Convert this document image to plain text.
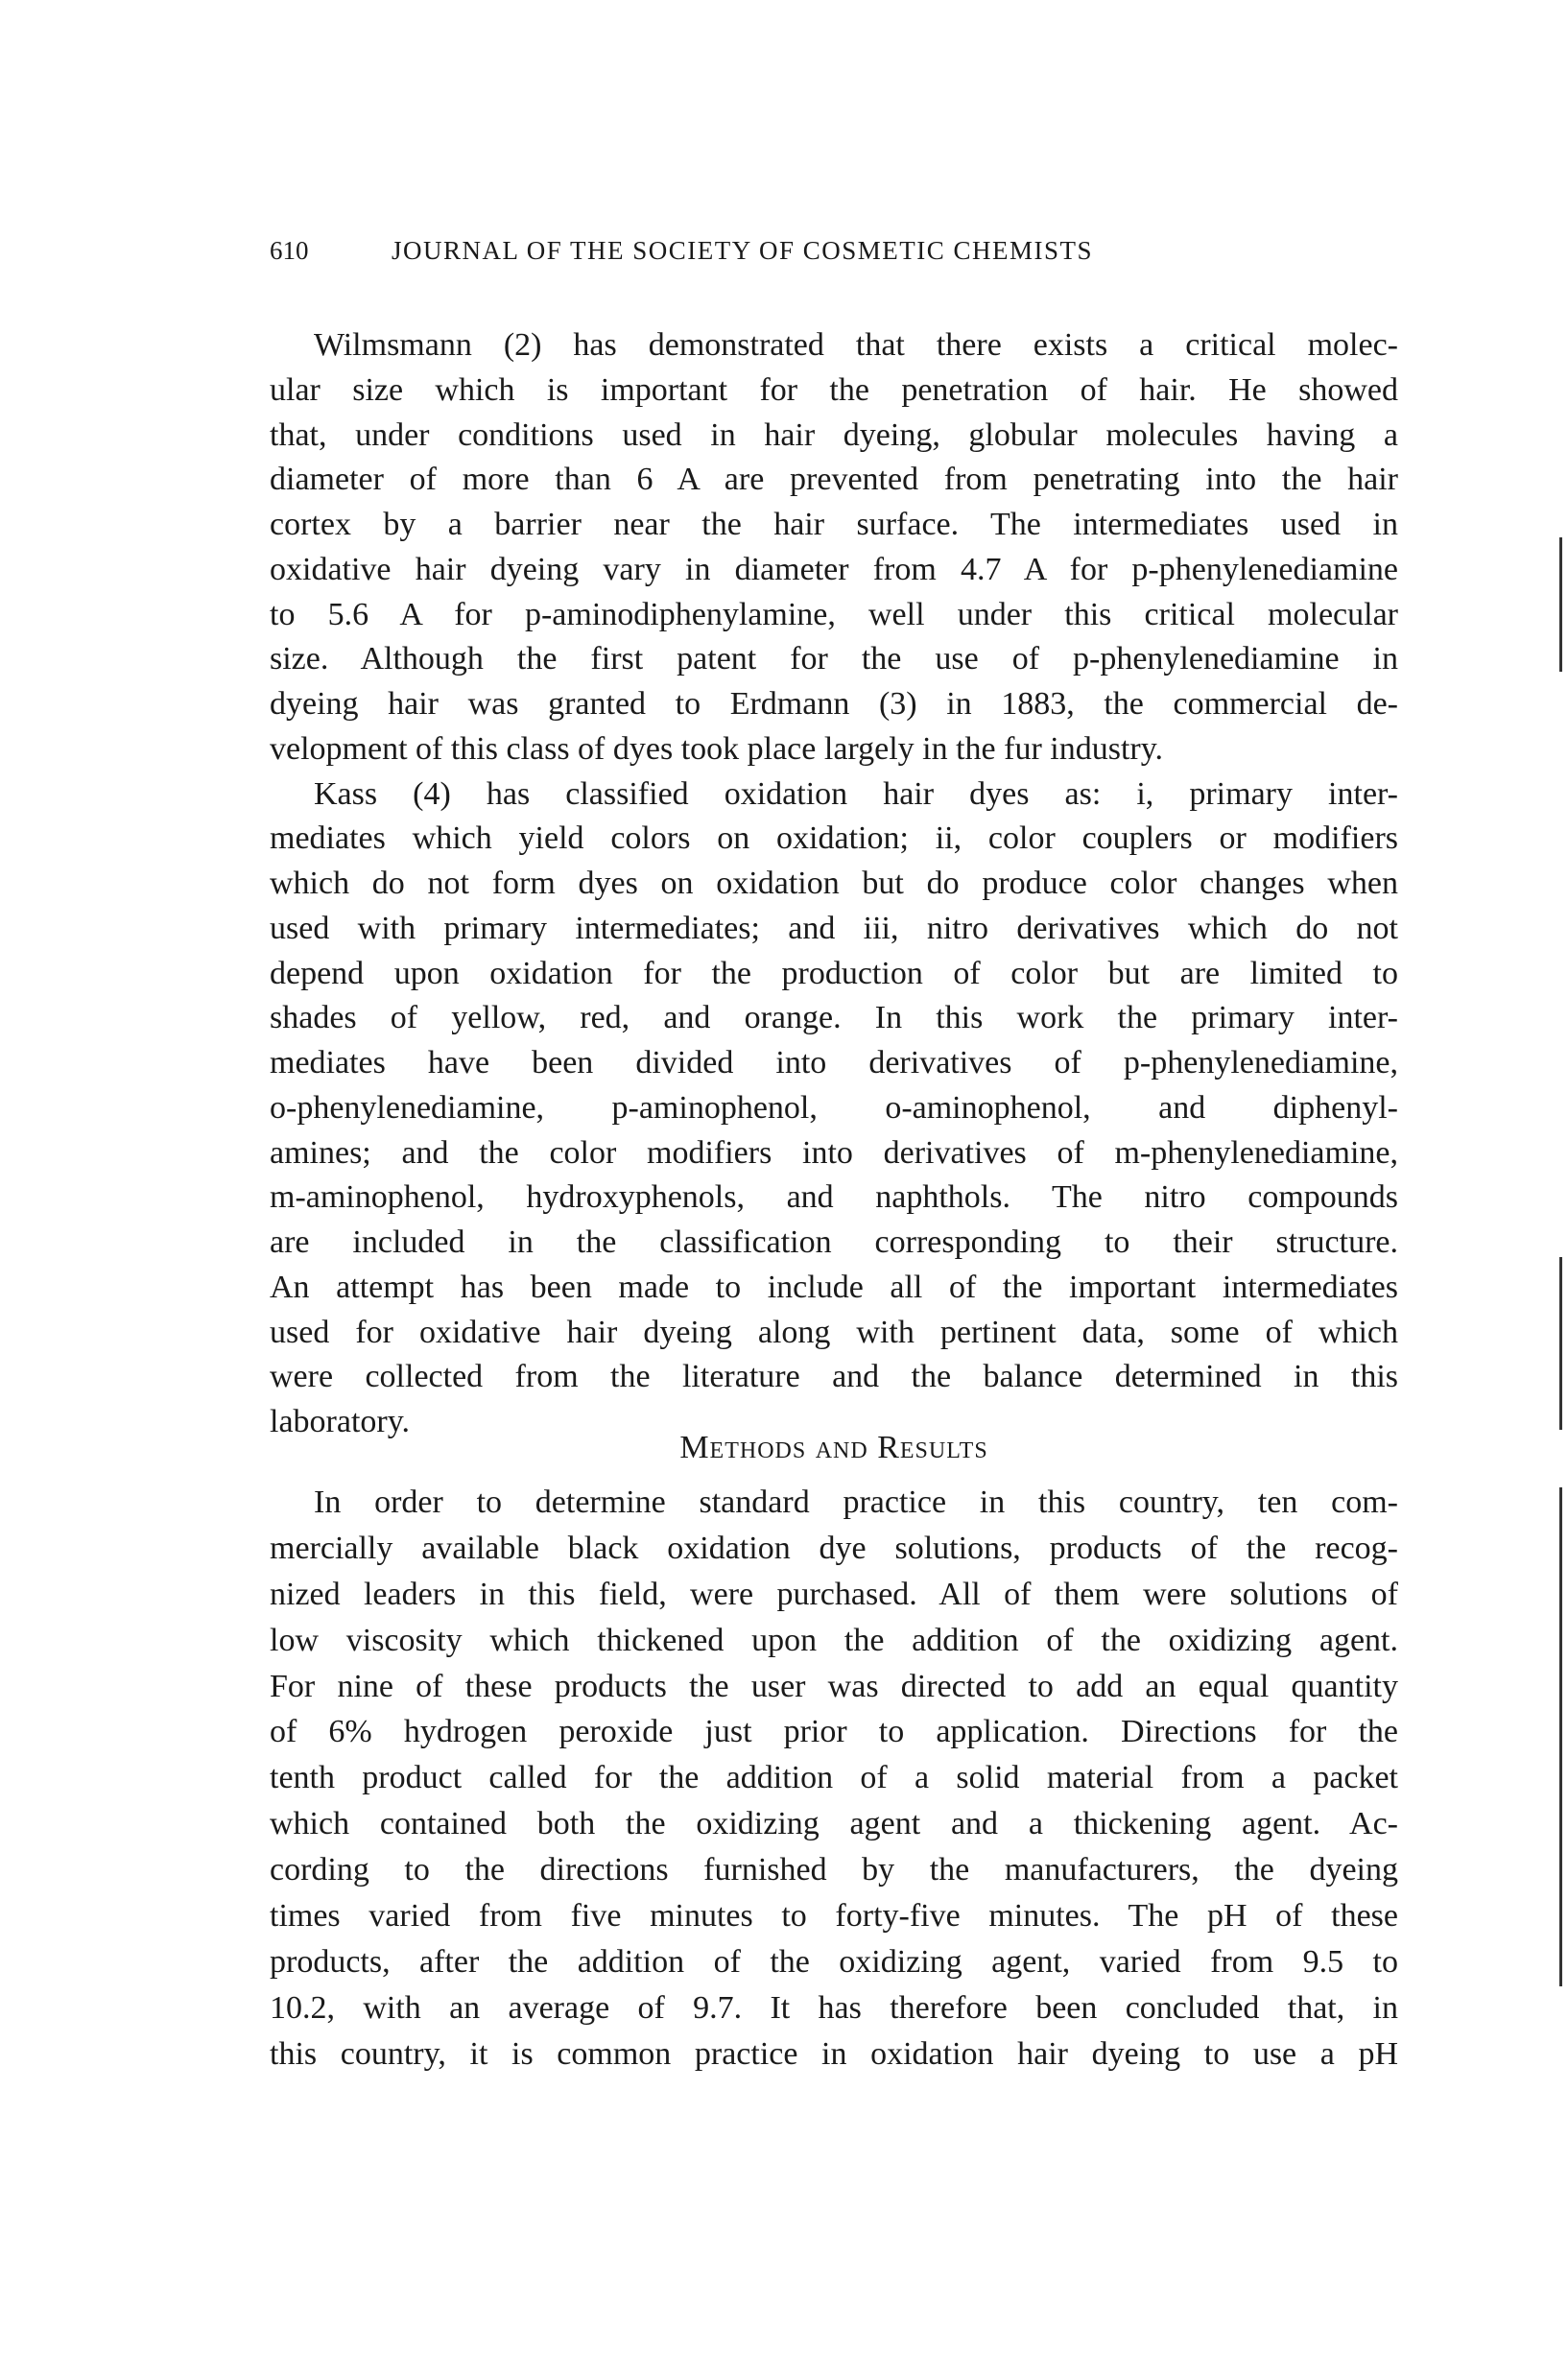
610	JOURNAL OF THE SOCIETY OF COSMETIC CHEMISTS
Wilmsmann (2) has demonstrated that there exists a critical molec-
ular size which is important for the penetration of hair. He showed
that, under conditions used in hair dyeing, globular molecules having a
diameter of more than 6 A are prevented from penetrating into the hair
cortex by a barrier near the hair surface. The intermediates used in
oxidative hair dyeing vary in diameter from 4.7 A for p-phenylenediamine
to 5.6 A for p-aminodiphenylamine, well under this critical molecular
size. Although the first patent for the use of p-phenylenediamine in
dyeing hair was granted to Erdmann (3) in 1883, the commercial de-
velopment of this class of dyes took place largely in the fur industry.
Kass (4) has classified oxidation hair dyes as: i, primary inter-
mediates which yield colors on oxidation; ii, color couplers or modifiers
which do not form dyes on oxidation but do produce color changes when
used with primary intermediates; and iii, nitro derivatives which do not
depend upon oxidation for the production of color but are limited to
shades of yellow, red, and orange. In this work the primary inter-
mediates have been divided into derivatives of p-phenylenediamine,
o-phenylenediamine, p-aminophenol, o-aminophenol, and diphenyl-
amines; and the color modifiers into derivatives of m-phenylenediamine,
m-aminophenol, hydroxyphenols, and naphthols. The nitro compounds
are included in the classification corresponding to their structure.
An attempt has been made to include all of the important intermediates
used for oxidative hair dyeing along with pertinent data, some of which
were collected from the literature and the balance determined in this
laboratory.
Methods and Results
In order to determine standard practice in this country, ten com-
mercially available black oxidation dye solutions, products of the recog-
nized leaders in this field, were purchased. All of them were solutions of
low viscosity which thickened upon the addition of the oxidizing agent.
For nine of these products the user was directed to add an equal quantity
of 6% hydrogen peroxide just prior to application. Directions for the
tenth product called for the addition of a solid material from a packet
which contained both the oxidizing agent and a thickening agent. Ac-
cording to the directions furnished by the manufacturers, the dyeing
times varied from five minutes to forty-five minutes. The pH of these
products, after the addition of the oxidizing agent, varied from 9.5 to
10.2, with an average of 9.7. It has therefore been concluded that, in
this country, it is common practice in oxidation hair dyeing to use a pH
